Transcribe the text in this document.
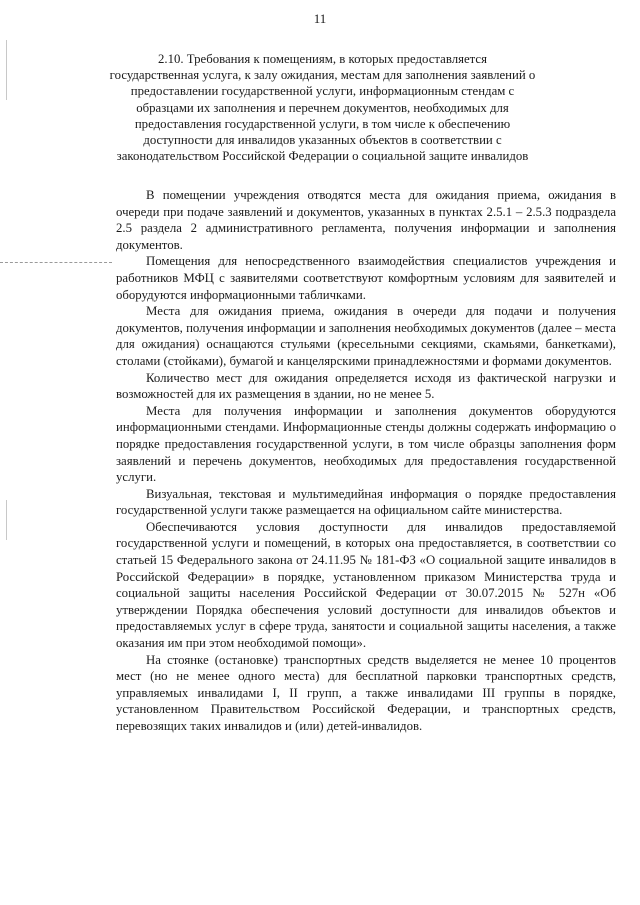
11
2.10. Требования к помещениям, в которых предоставляется
государственная услуга, к залу ожидания, местам для заполнения заявлений о
предоставлении государственной услуги, информационным стендам с
образцами их заполнения и перечнем документов, необходимых для
предоставления государственной услуги, в том числе к обеспечению
доступности для инвалидов указанных объектов в соответствии с
законодательством Российской Федерации о социальной защите инвалидов

В помещении учреждения отводятся места для ожидания приема, ожидания в очереди при подаче заявлений и документов, указанных в пунктах 2.5.1 – 2.5.3 подраздела 2.5 раздела 2 административного регламента, получения информации и заполнения документов.

Помещения для непосредственного взаимодействия специалистов учреждения и работников МФЦ с заявителями соответствуют комфортным условиям для заявителей и оборудуются информационными табличками.

Места для ожидания приема, ожидания в очереди для подачи и получения документов, получения информации и заполнения необходимых документов (далее – места для ожидания) оснащаются стульями (кресельными секциями, скамьями, банкетками), столами (стойками), бумагой и канцелярскими принадлежностями и формами документов.

Количество мест для ожидания определяется исходя из фактической нагрузки и возможностей для их размещения в здании, но не менее 5.

Места для получения информации и заполнения документов оборудуются информационными стендами. Информационные стенды должны содержать информацию о порядке предоставления государственной услуги, в том числе образцы заполнения форм заявлений и перечень документов, необходимых для предоставления государственной услуги.

Визуальная, текстовая и мультимедийная информация о порядке предоставления государственной услуги также размещается на официальном сайте министерства.

Обеспечиваются условия доступности для инвалидов предоставляемой государственной услуги и помещений, в которых она предоставляется, в соответствии со статьей 15 Федерального закона от 24.11.95 № 181-ФЗ «О социальной защите инвалидов в Российской Федерации» в порядке, установленном приказом Министерства труда и социальной защиты населения Российской Федерации от 30.07.2015 № 527н «Об утверждении Порядка обеспечения условий доступности для инвалидов объектов и предоставляемых услуг в сфере труда, занятости и социальной защиты населения, а также оказания им при этом необходимой помощи».

На стоянке (остановке) транспортных средств выделяется не менее 10 процентов мест (но не менее одного места) для бесплатной парковки транспортных средств, управляемых инвалидами I, II групп, а также инвалидами III группы в порядке, установленном Правительством Российской Федерации, и транспортных средств, перевозящих таких инвалидов и (или) детей-инвалидов.
